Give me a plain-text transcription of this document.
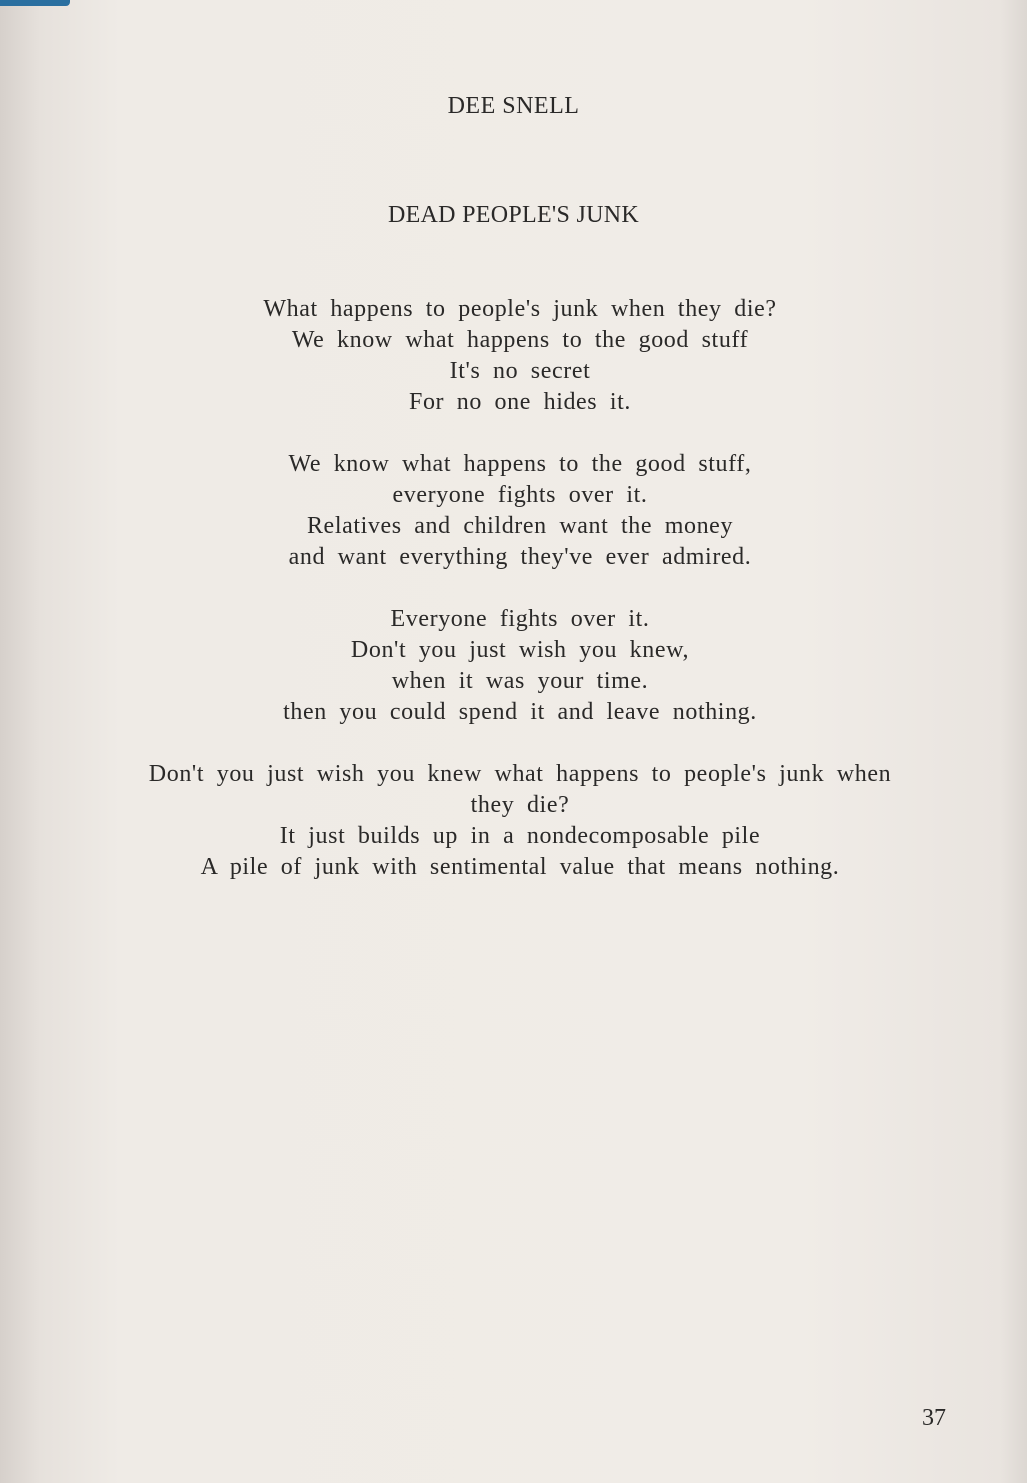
DEE SNELL
DEAD PEOPLE'S JUNK
What happens to people's junk when they die?
We know what happens to the good stuff
It's no secret
For no one hides it.
We know what happens to the good stuff,
everyone fights over it.
Relatives and children want the money
and want everything they've ever admired.
Everyone fights over it.
Don't you just wish you knew,
when it was your time.
then you could spend it and leave nothing.
Don't you just wish you knew what happens to people's junk when
they die?
It just builds up in a nondecomposable pile
A pile of junk with sentimental value that means nothing.
37
